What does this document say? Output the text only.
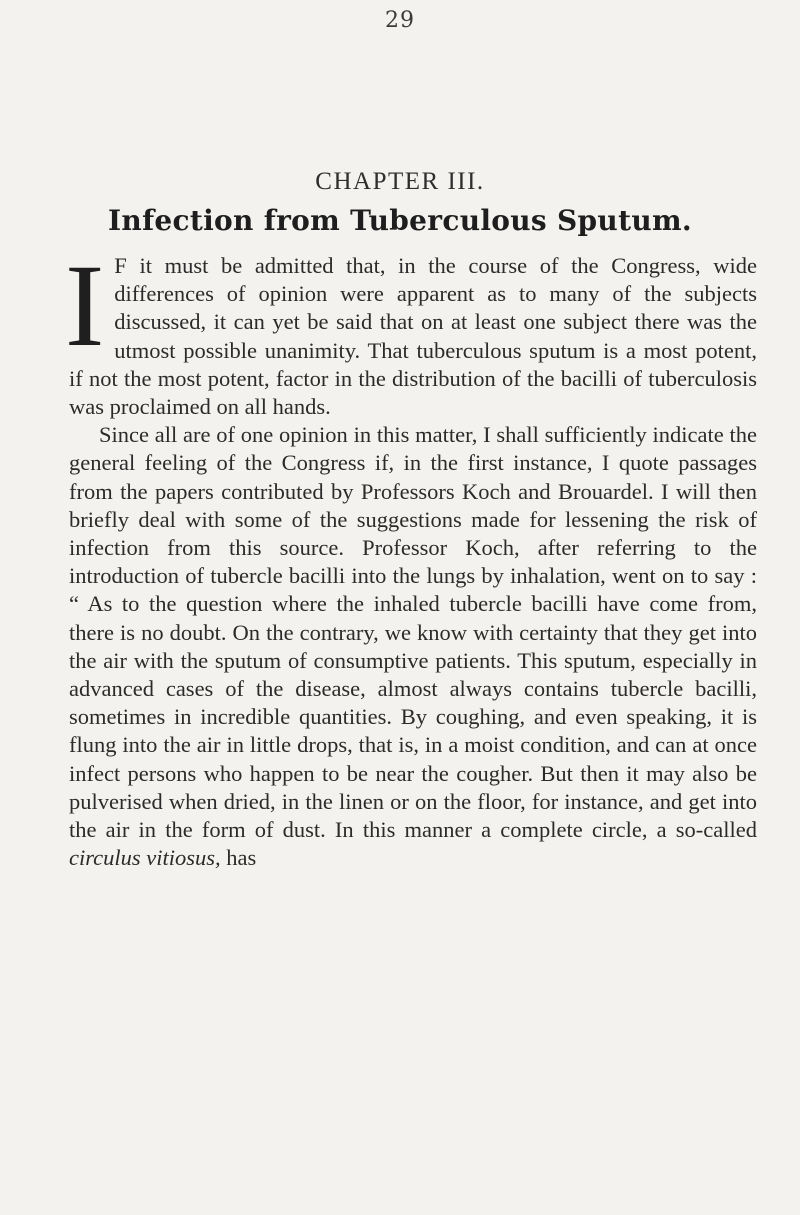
29
CHAPTER III.
Infection from Tuberculous Sputum.

I F it must be admitted that, in the course of the Congress, wide differences of opinion were apparent as to many of the subjects discussed, it can yet be said that on at least one subject there was the utmost possible unanimity. That tuberculous sputum is a most potent, if not the most potent, factor in the distribution of the bacilli of tuberculosis was proclaimed on all hands.

Since all are of one opinion in this matter, I shall sufficiently indicate the general feeling of the Congress if, in the first instance, I quote passages from the papers contributed by Professors Koch and Brouardel. I will then briefly deal with some of the suggestions made for lessening the risk of infection from this source. Professor Koch, after referring to the introduction of tubercle bacilli into the lungs by inhalation, went on to say : “ As to the question where the inhaled tubercle bacilli have come from, there is no doubt. On the contrary, we know with certainty that they get into the air with the sputum of consumptive patients. This sputum, especially in advanced cases of the disease, almost always contains tubercle bacilli, sometimes in incredible quantities. By coughing, and even speaking, it is flung into the air in little drops, that is, in a moist condition, and can at once infect persons who happen to be near the cougher. But then it may also be pulverised when dried, in the linen or on the floor, for instance, and get into the air in the form of dust. In this manner a complete circle, a so-called circulus vitiosus, has
